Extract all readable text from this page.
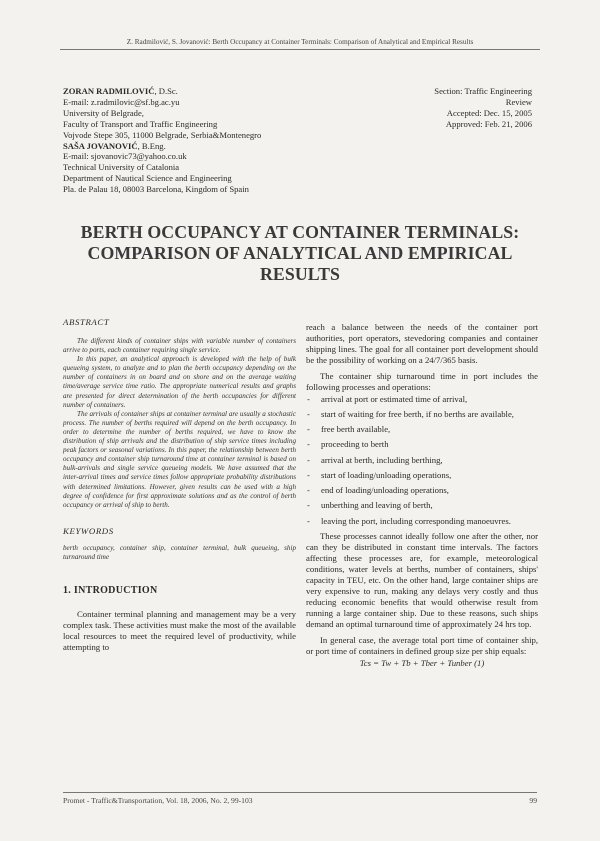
Z. Radmilović, S. Jovanović: Berth Occupancy at Container Terminals: Comparison of Analytical and Empirical Results
ZORAN RADMILOVIĆ, D.Sc.
E-mail: z.radmilovic@sf.bg.ac.yu
University of Belgrade,
Faculty of Transport and Traffic Engineering
Vojvode Stepe 305, 11000 Belgrade, Serbia&Montenegro
SAŠA JOVANOVIĆ, B.Eng.
E-mail: sjovanovic73@yahoo.co.uk
Technical University of Catalonia
Department of Nautical Science and Engineering
Pla. de Palau 18, 08003 Barcelona, Kingdom of Spain
Section: Traffic Engineering
Review
Accepted: Dec. 15, 2005
Approved: Feb. 21, 2006
BERTH OCCUPANCY AT CONTAINER TERMINALS: COMPARISON OF ANALYTICAL AND EMPIRICAL RESULTS
ABSTRACT

The different kinds of container ships with variable number of containers arrive to ports, each container requiring single service.

In this paper, an analytical approach is developed with the help of bulk queueing system, to analyze and to plan the berth occupancy depending on the number of containers in on board and on shore and on the average waiting time/average service time ratio. The appropriate numerical results and graphs are presented for direct determination of the berth occupancies for different number of containers.

The arrivals of container ships at container terminal are usually a stochastic process. The number of berths required will depend on the berth occupancy. In order to determine the number of berths required, we have to know the distribution of ship arrivals and the distribution of ship service times including peak factors or seasonal variations. In this paper, the relationship between berth occupancy and container ship turnaround time at container terminal is based on bulk-arrivals and single service queueing models. We have assumed that the inter-arrival times and service times follow appropriate probability distributions with determined limitations. However, given results can be used with a high degree of confidence for first approximate solutions and as the control of berth occupancy or arrival of ship to berth.

KEYWORDS
berth occupancy, container ship, container terminal, bulk queueing, ship turnaround time
1. INTRODUCTION
Container terminal planning and management may be a very complex task. These activities must make the most of the available local resources to meet the required level of productivity, while attempting to

reach a balance between the needs of the container port authorities, port operators, stevedoring companies and container shipping lines. The goal for all container port development should be the possibility of working on a 24/7/365 basis.

The container ship turnaround time in port includes the following processes and operations:

- arrival at port or estimated time of arrival,
- start of waiting for free berth, if no berths are available,
- free berth available,
- proceeding to berth
- arrival at berth, including berthing,
- start of loading/unloading operations,
- end of loading/unloading operations,
- unberthing and leaving of berth,
- leaving the port, including corresponding manoeuvres.

These processes cannot ideally follow one after the other, nor can they be distributed in constant time intervals. The factors affecting these processes are, for example, meteorological conditions, water levels at berths, number of containers, ships' capacity in TEU, etc. On the other hand, large container ships are very expensive to run, making any delays very costly and thus reducing economic benefits that would otherwise result from running a large container ship. Due to these reasons, such ships demand an optimal turnaround time of approximately 24 hrs top.

In general case, the average total port time of container ship, or port time of containers in defined group size per ship equals:

Tcs = Tw + Tb + Tber + Tunber (1)
Promet - Traffic&Transportation, Vol. 18, 2006, No. 2, 99-103	99
